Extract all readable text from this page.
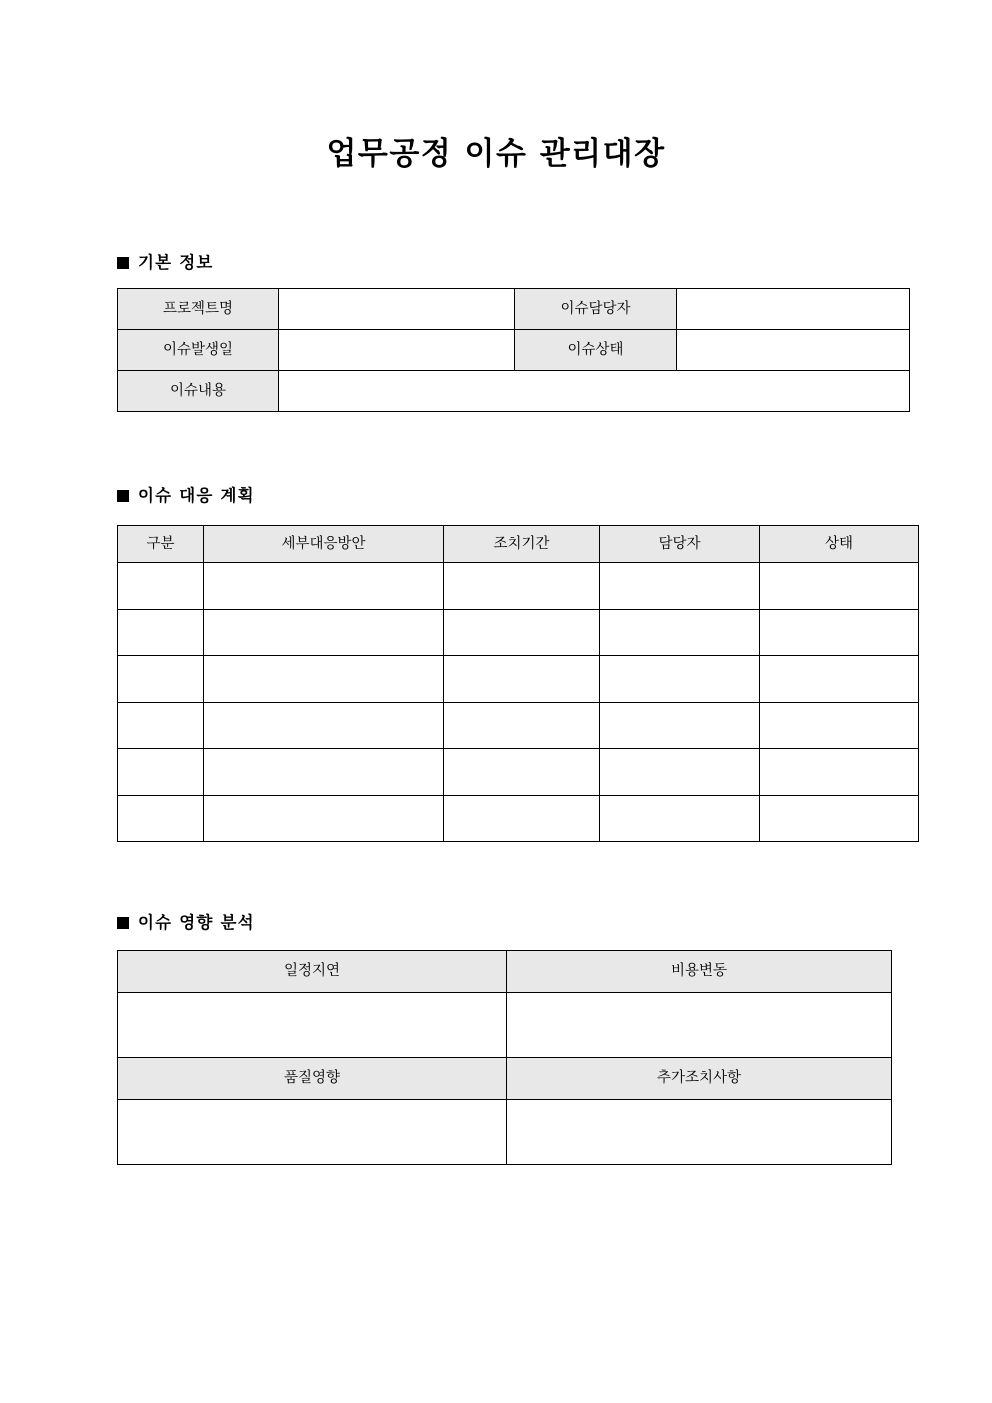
업무공정 이슈 관리대장
기본 정보
프로젝트명		이슈담당자	
이슈발생일		이슈상태	
이슈내용			
이슈 대응 계획
구분	세부대응방안	조치기간	담당자	상태

이슈 영향 분석
일정지연	비용변동

품질영향	추가조치사항
